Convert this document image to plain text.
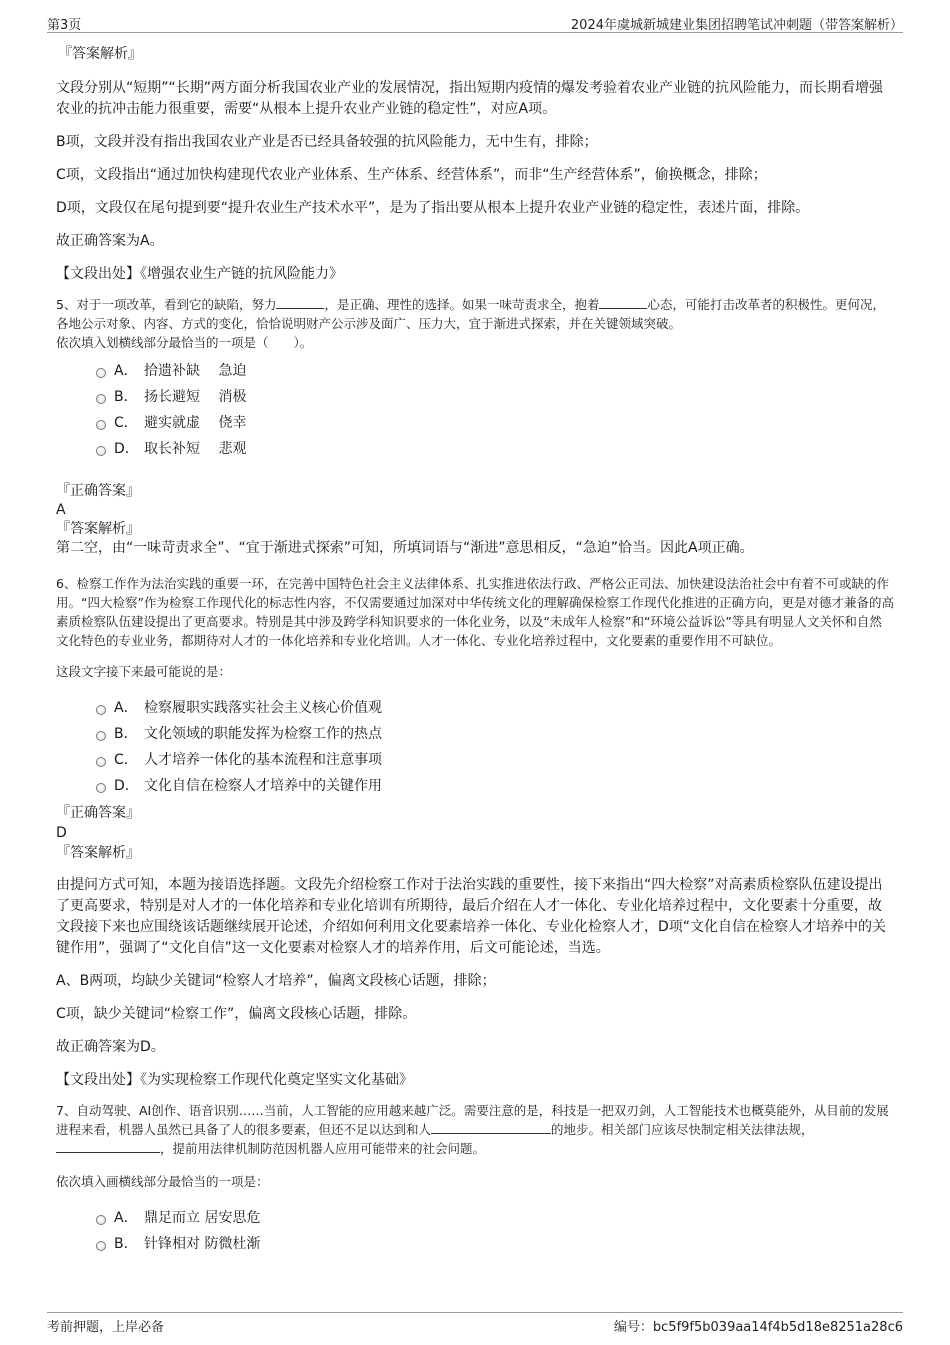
第3页	2024年虞城新城建业集团招聘笔试冲刺题（带答案解析）
『答案解析』
文段分别从“短期”“长期”两方面分析我国农业产业的发展情况，指出短期内疫情的爆发考验着农业产业链的抗风险能力，而长期看增强农业的抗冲击能力很重要，需要“从根本上提升农业产业链的稳定性”，对应A项。
B项，文段并没有指出我国农业产业是否已经具备较强的抗风险能力，无中生有，排除；
C项，文段指出“通过加快构建现代农业产业体系、生产体系、经营体系”，而非“生产经营体系”，偷换概念，排除；
D项，文段仅在尾句提到要“提升农业生产技术水平”，是为了指出要从根本上提升农业产业链的稳定性，表述片面，排除。
故正确答案为A。
【文段出处】《增强农业生产链的抗风险能力》
5、对于一项改革，看到它的缺陷，努力	，是正确、理性的选择。如果一味苛责求全，抱着	心态，可能打击改革者的积极性。更何况，各地公示对象、内容、方式的变化，恰恰说明财产公示涉及面广、压力大，宜于渐进式探索，并在关键领域突破。
依次填入划横线部分最恰当的一项是（　　）。
A． 拾遗补缺　 急迫
B． 扬长避短　 消极
C． 避实就虚　 侥幸
D． 取长补短　 悲观
『正确答案』
A
『答案解析』
第二空，由“一味苛责求全”、“宜于渐进式探索”可知，所填词语与“渐进”意思相反，“急迫”恰当。因此A项正确。
6、检察工作作为法治实践的重要一环，在完善中国特色社会主义法律体系、扎实推进依法行政、严格公正司法、加快建设法治社会中有着不可或缺的作用。“四大检察”作为检察工作现代化的标志性内容，不仅需要通过加深对中华传统文化的理解确保检察工作现代化推进的正确方向，更是对德才兼备的高素质检察队伍建设提出了更高要求。特别是其中涉及跨学科知识要求的一体化业务，以及“未成年人检察”和“环境公益诉讼”等具有明显人文关怀和自然文化特色的专业业务，都期待对人才的一体化培养和专业化培训。人才一体化、专业化培养过程中，文化要素的重要作用不可缺位。
这段文字接下来最可能说的是：
A． 检察履职实践落实社会主义核心价值观
B． 文化领域的职能发挥为检察工作的热点
C． 人才培养一体化的基本流程和注意事项
D． 文化自信在检察人才培养中的关键作用
『正确答案』
D
『答案解析』
由提问方式可知，本题为接语选择题。文段先介绍检察工作对于法治实践的重要性，接下来指出“四大检察”对高素质检察队伍建设提出了更高要求，特别是对人才的一体化培养和专业化培训有所期待，最后介绍在人才一体化、专业化培养过程中，文化要素十分重要，故文段接下来也应围绕该话题继续展开论述，介绍如何利用文化要素培养一体化、专业化检察人才，D项“文化自信在检察人才培养中的关键作用”，强调了“文化自信”这一文化要素对检察人才的培养作用，后文可能论述，当选。
A、B两项，均缺少关键词“检察人才培养”，偏离文段核心话题，排除；
C项，缺少关键词“检察工作”，偏离文段核心话题，排除。
故正确答案为D。
【文段出处】《为实现检察工作现代化奠定坚实文化基础》
7、自动驾驶、AI创作、语音识别……当前，人工智能的应用越来越广泛。需要注意的是，科技是一把双刃剑，人工智能技术也概莫能外，从目前的发展进程来看，机器人虽然已具备了人的很多要素，但还不足以达到和人	的地步。相关部门应该尽快制定相关法律法规，，提前用法律机制防范因机器人应用可能带来的社会问题。
依次填入画横线部分最恰当的一项是：
A． 鼎足而立 居安思危
B． 针锋相对 防微杜渐
考前押题，上岸必备	编号：bc5f9f5b039aa14f4b5d18e8251a28c6
